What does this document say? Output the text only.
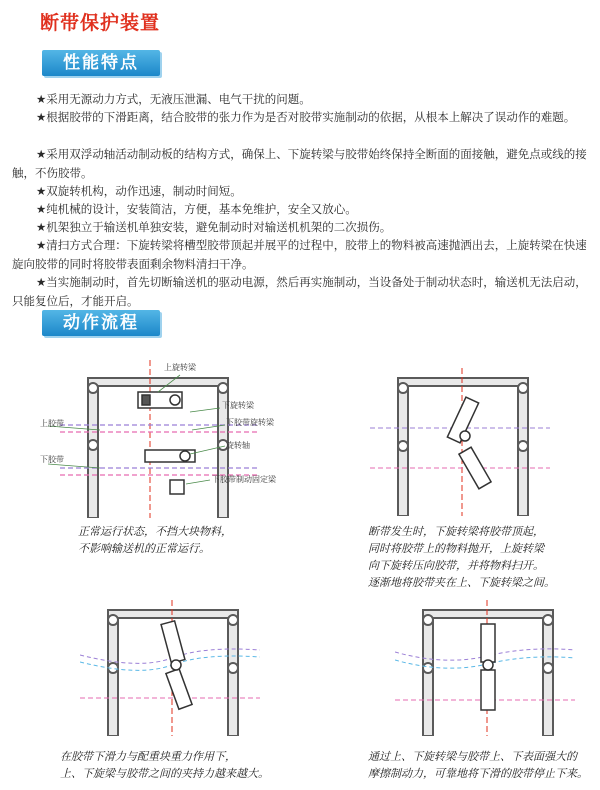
断带保护装置
性能特点

★采用无源动力方式，无液压泄漏、电气干扰的问题。

★根据胶带的下滑距离，结合胶带的张力作为是否对胶带实施制动的依据，从根本上解决了误动作的难题。

★采用双浮动轴活动制动板的结构方式，确保上、下旋转梁与胶带始终保持全断面的面接触，避免点或线的接触，不伤胶带。

★双旋转机构，动作迅速，制动时间短。

★纯机械的设计，安装简洁，方便，基本免维护，安全又放心。

★机架独立于输送机单独安装，避免制动时对输送机机架的二次损伤。

★清扫方式合理：下旋转梁将槽型胶带顶起并展平的过程中，胶带上的物料被高速抛洒出去，上旋转梁在快速旋向胶带的同时将胶带表面剩余物料清扫干净。

★当实施制动时，首先切断输送机的驱动电源，然后再实施制动，当设备处于制动状态时，输送机无法启动，只能复位后，才能开启。

动作流程
上旋转梁
下旋转梁
下胶带旋转梁
旋转轴
上胶带
下胶带
下胶带制动固定梁
正常运行状态，不挡大块物料，
不影响输送机的正常运行。
断带发生时，下旋转梁将胶带顶起，
同时将胶带上的物料抛开，上旋转梁
向下旋转压向胶带，并将物料扫开。
逐渐地将胶带夹在上、下旋转梁之间。
在胶带下滑力与配重块重力作用下，
上、下旋梁与胶带之间的夹持力越来越大。
通过上、下旋转梁与胶带上、下表面强大的
摩擦制动力，可靠地将下滑的胶带停止下来。
